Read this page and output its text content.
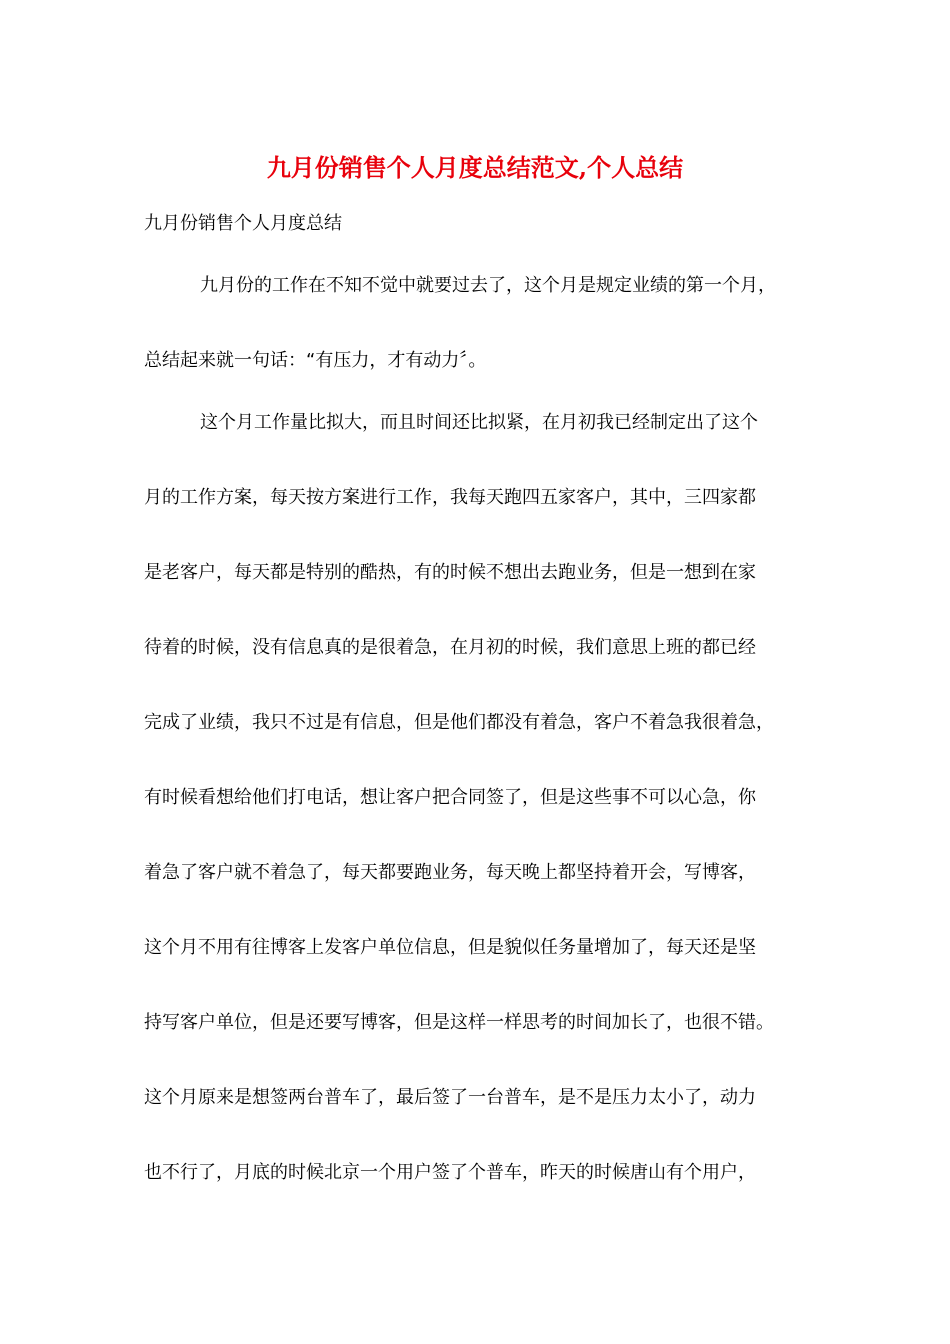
九月份销售个人月度总结范文,个人总结

九月份销售个人月度总结

九月份的工作在不知不觉中就要过去了，这个月是规定业绩的第一个月，

总结起来就一句话：“有压力，才有动力〞。

这个月工作量比拟大，而且时间还比拟紧，在月初我已经制定出了这个

月的工作方案，每天按方案进行工作，我每天跑四五家客户，其中，三四家都

是老客户，每天都是特别的酷热，有的时候不想出去跑业务，但是一想到在家

待着的时候，没有信息真的是很着急，在月初的时候，我们意思上班的都已经

完成了业绩，我只不过是有信息，但是他们都没有着急，客户不着急我很着急，

有时候看想给他们打电话，想让客户把合同签了，但是这些事不可以心急，你

着急了客户就不着急了，每天都要跑业务，每天晚上都坚持着开会，写博客，

这个月不用有往博客上发客户单位信息，但是貌似任务量增加了，每天还是坚

持写客户单位，但是还要写博客，但是这样一样思考的时间加长了，也很不错。

这个月原来是想签两台普车了，最后签了一台普车，是不是压力太小了，动力

也不行了，月底的时候北京一个用户签了个普车，昨天的时候唐山有个用户，
